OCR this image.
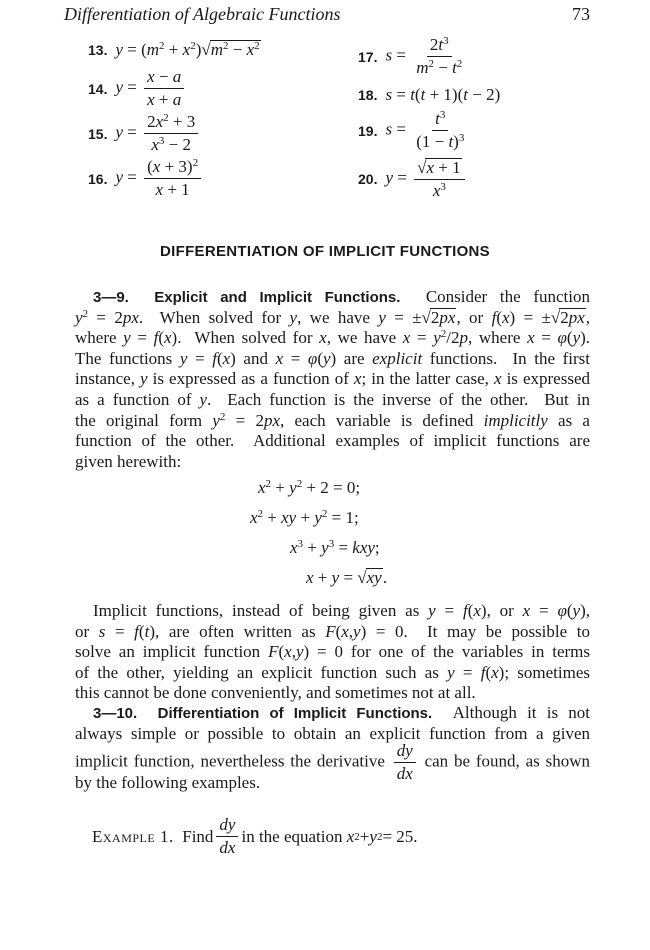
Differentiation of Algebraic Functions	73
13. $y = (m^2 + x^2)√m^2 - x^2$
14. $y = \frac{x - a}{x + a}$
15. $y = \frac{2x^2 + 3}{x^3 - 2}$
16. $y = \frac{(x + 3)^2}{x + 1}$
17. $s = \frac{2t^3}{m^2 - t^2}$
18. s = t(t + 1)(t − 2)
19. $s = \frac{t^3}{(1 - t)^3}$
20. $y = \frac{√x + 1}{x^3}$
DIFFERENTIATION OF IMPLICIT FUNCTIONS
3—9. Explicit and Implicit Functions.  Consider the function
$y^2 = 2px$.  When solved for y, we have y = ±√2px, or f(x) = ±√2px,
where y = f(x).  When solved for x, we have $x = y^2/2p$, where x = φ(y).
The functions y = f(x) and x = φ(y) are explicit functions.  In the first
instance, y is expressed as a function of x; in the latter case, x is expressed
as a function of y.  Each function is the inverse of the other.  But in
the original form $y^2 = 2px$, each variable is defined implicitly as a
function of the other.  Additional examples of implicit functions are
given herewith:
$x^2 + y^2 + 2 = 0$;
$x^2$ + xy + $y^2 = 1$;
$x^3 + y^3$ = kxy;
x + y = √xy.
Implicit functions, instead of being given as y = f(x), or x = φ(y),
or s = f(t), are often written as F(x,y) = 0.  It may be possible to
solve an implicit function F(x,y) = 0 for one of the variables in terms
of the other, yielding an explicit function such as y = f(x); sometimes
this cannot be done conveniently, and sometimes not at all.
3—10. Differentiation of Implicit Functions.  Although it is not
always simple or possible to obtain an explicit function from a given
implicit function, nevertheless the derivative $\frac{dy}{dx}$ can be found, as shown
by the following examples.
Example 1. Find $\frac{dy}{dx}$ in the equation x 2 + y 2 = 25.
